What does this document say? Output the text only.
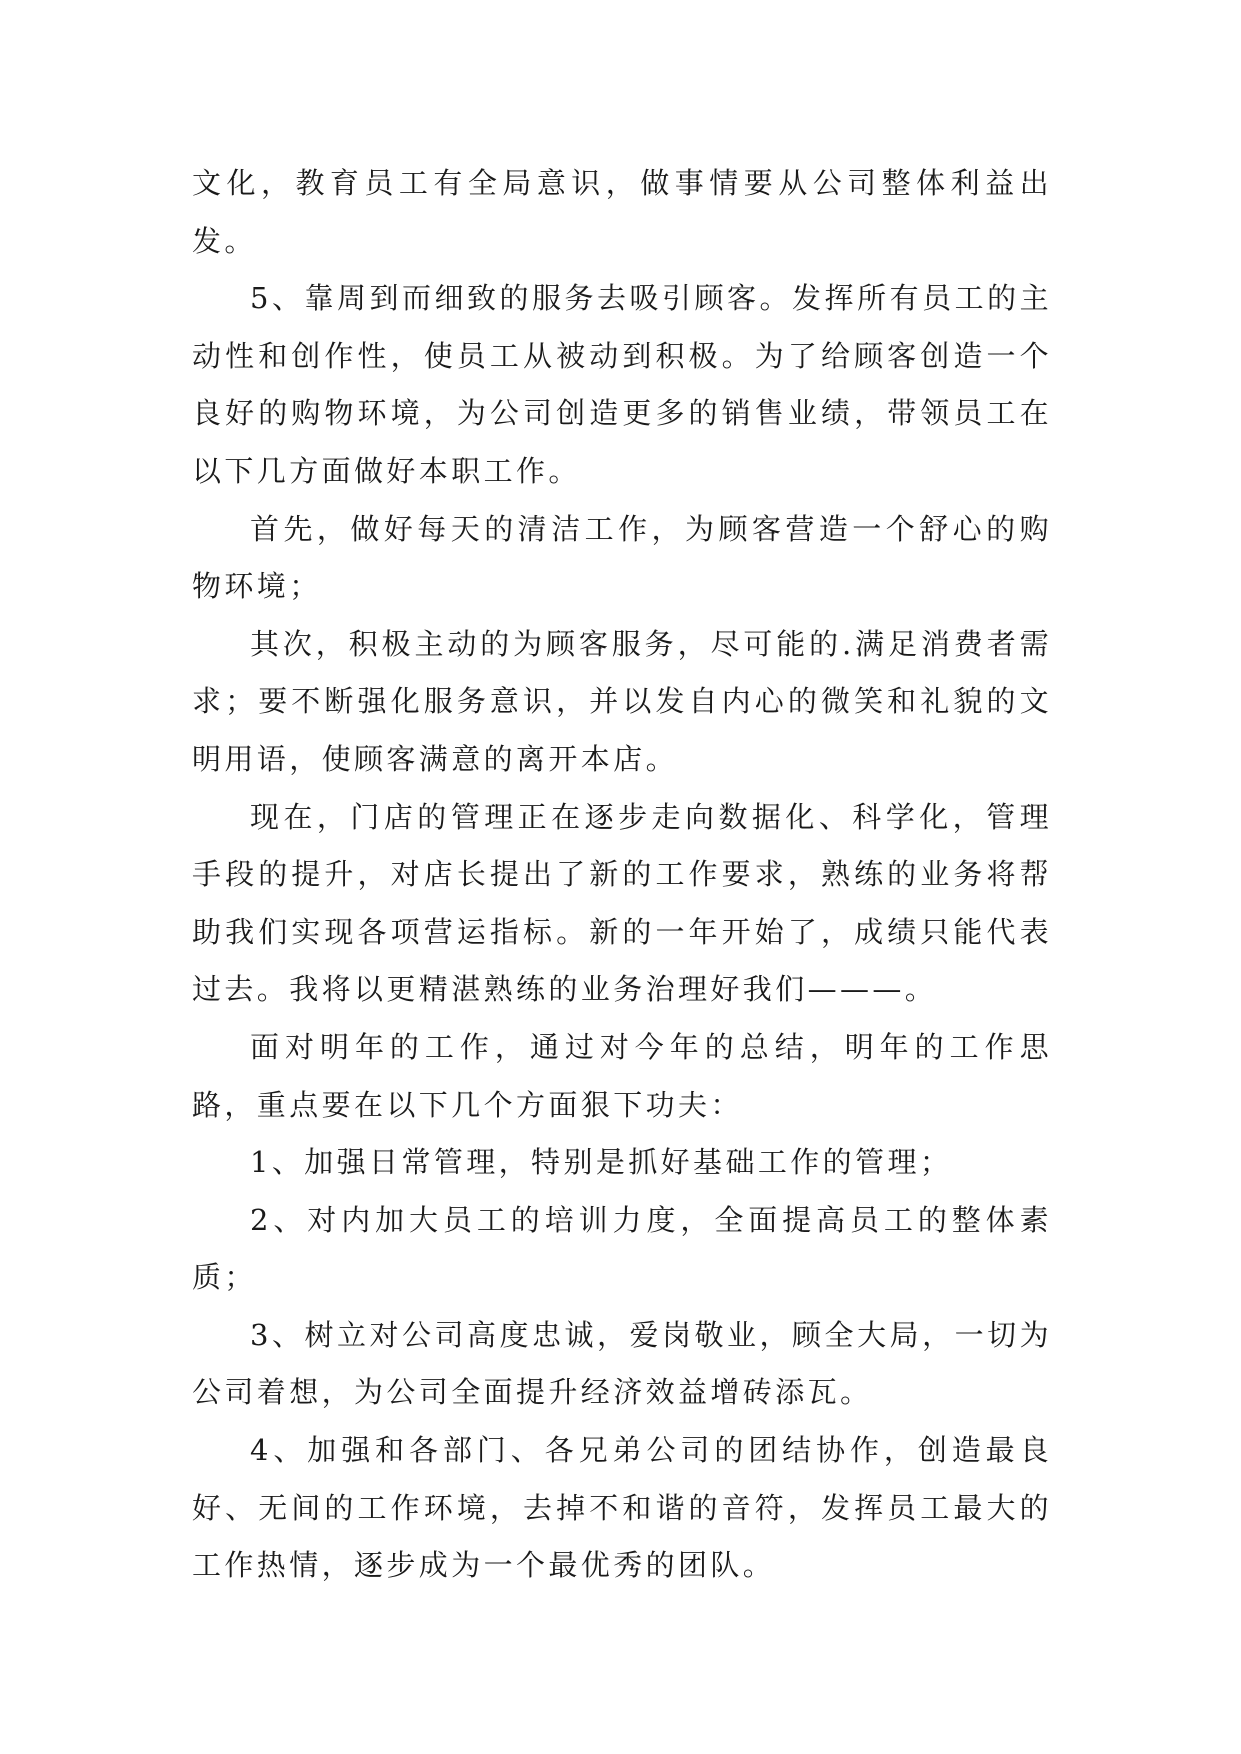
文化，教育员工有全局意识，做事情要从公司整体利益出发。

5、靠周到而细致的服务去吸引顾客。发挥所有员工的主动性和创作性，使员工从被动到积极。为了给顾客创造一个良好的购物环境，为公司创造更多的销售业绩，带领员工在以下几方面做好本职工作。

首先，做好每天的清洁工作，为顾客营造一个舒心的购物环境；

其次，积极主动的为顾客服务，尽可能的.满足消费者需求；要不断强化服务意识，并以发自内心的微笑和礼貌的文明用语，使顾客满意的离开本店。

现在，门店的管理正在逐步走向数据化、科学化，管理手段的提升，对店长提出了新的工作要求，熟练的业务将帮助我们实现各项营运指标。新的一年开始了，成绩只能代表过去。我将以更精湛熟练的业务治理好我们———。

面对明年的工作，通过对今年的总结，明年的工作思路，重点要在以下几个方面狠下功夫：

1、加强日常管理，特别是抓好基础工作的管理；

2、对内加大员工的培训力度，全面提高员工的整体素质；

3、树立对公司高度忠诚，爱岗敬业，顾全大局，一切为公司着想，为公司全面提升经济效益增砖添瓦。

4、加强和各部门、各兄弟公司的团结协作，创造最良好、无间的工作环境，去掉不和谐的音符，发挥员工最大的工作热情，逐步成为一个最优秀的团队。
